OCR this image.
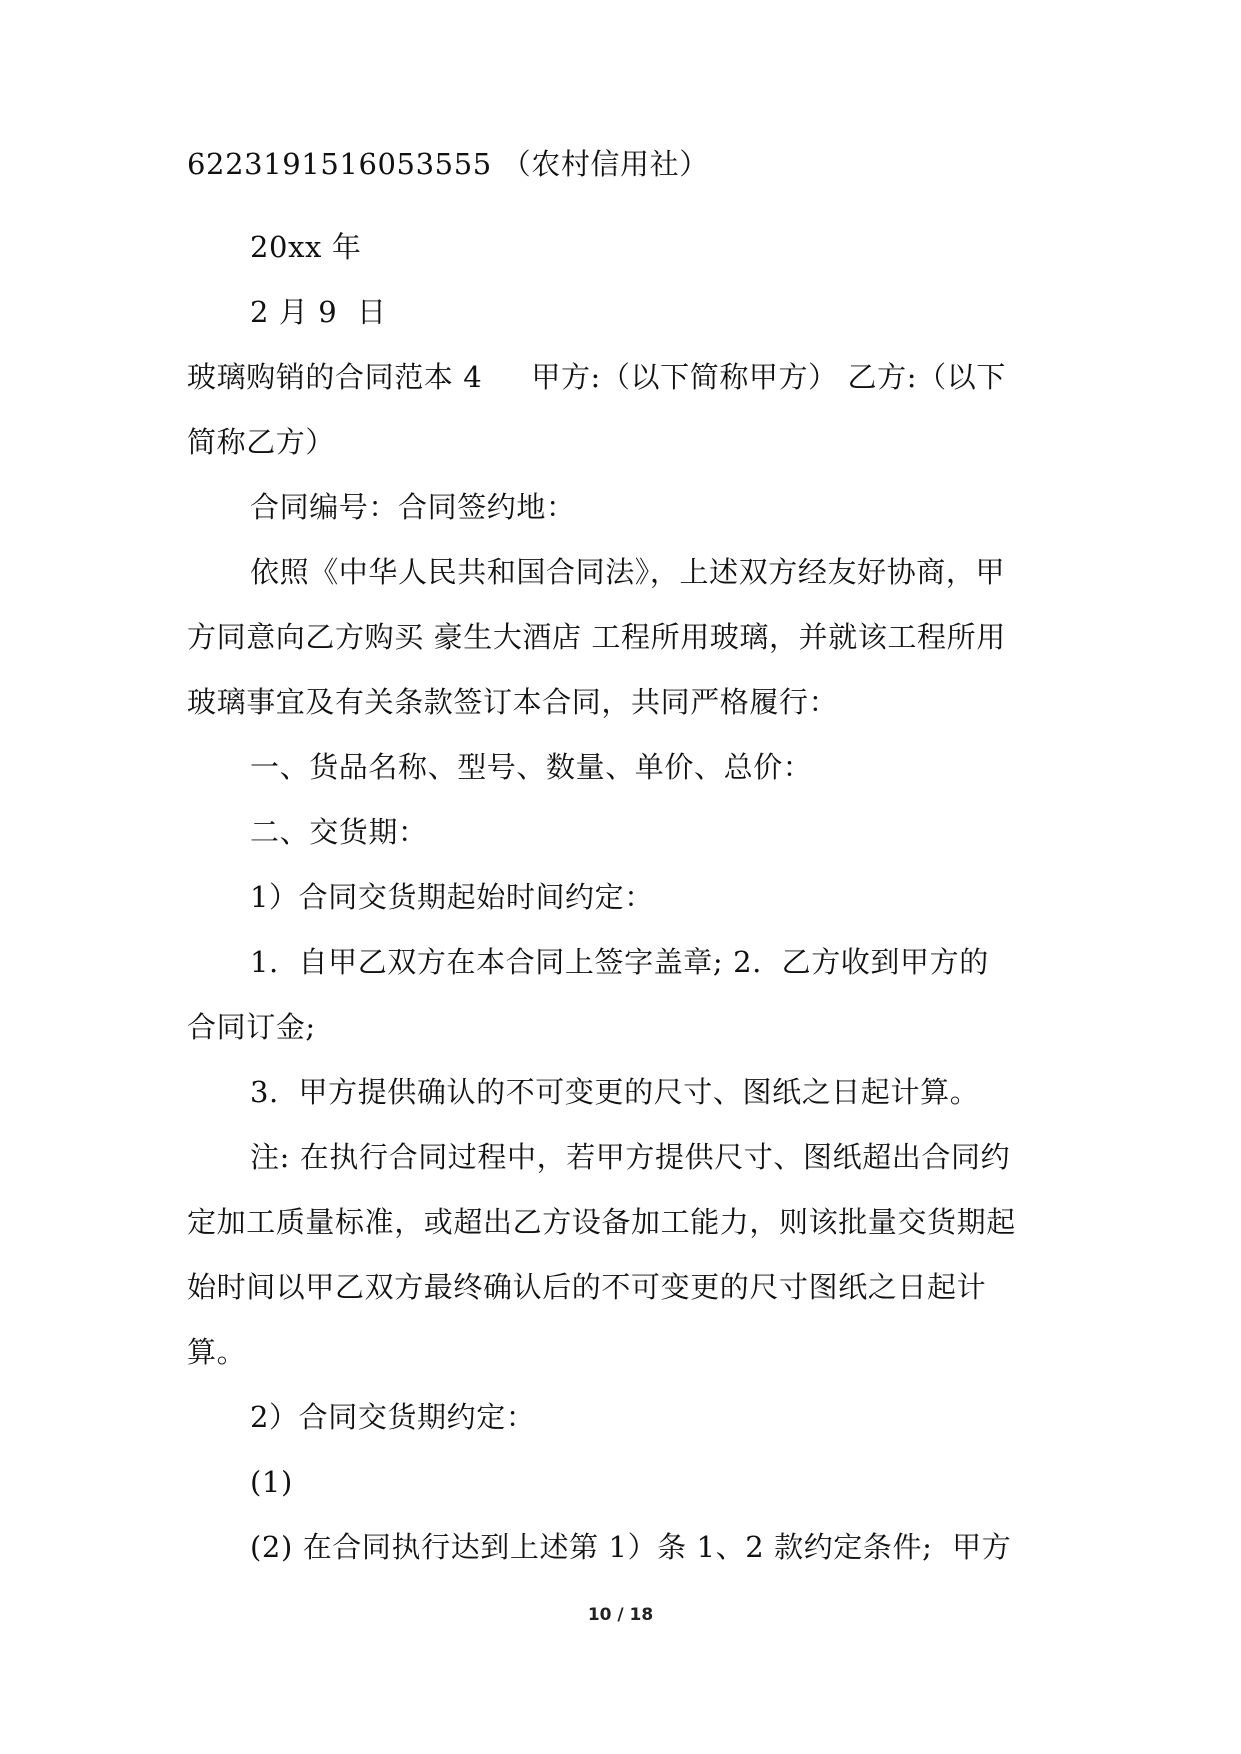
6223191516053555 （农村信用社）
20xx 年
2 月 9  日
玻璃购销的合同范本 4     甲方:（以下简称甲方） 乙方:（以下
简称乙方）
合同编号：合同签约地：
依照《中华人民共和国合同法》，上述双方经友好协商，甲
方同意向乙方购买 豪生大酒店 工程所用玻璃，并就该工程所用
玻璃事宜及有关条款签订本合同，共同严格履行：
一、货品名称、型号、数量、单价、总价：
二、交货期：
1）合同交货期起始时间约定：
1.  自甲乙双方在本合同上签字盖章; 2.  乙方收到甲方的
合同订金;
3.  甲方提供确认的不可变更的尺寸、图纸之日起计算。
注: 在执行合同过程中，若甲方提供尺寸、图纸超出合同约
定加工质量标准，或超出乙方设备加工能力，则该批量交货期起
始时间以甲乙双方最终确认后的不可变更的尺寸图纸之日起计
算。
2）合同交货期约定：
(1)
(2) 在合同执行达到上述第 1）条 1、2 款约定条件;  甲方
10 / 18
